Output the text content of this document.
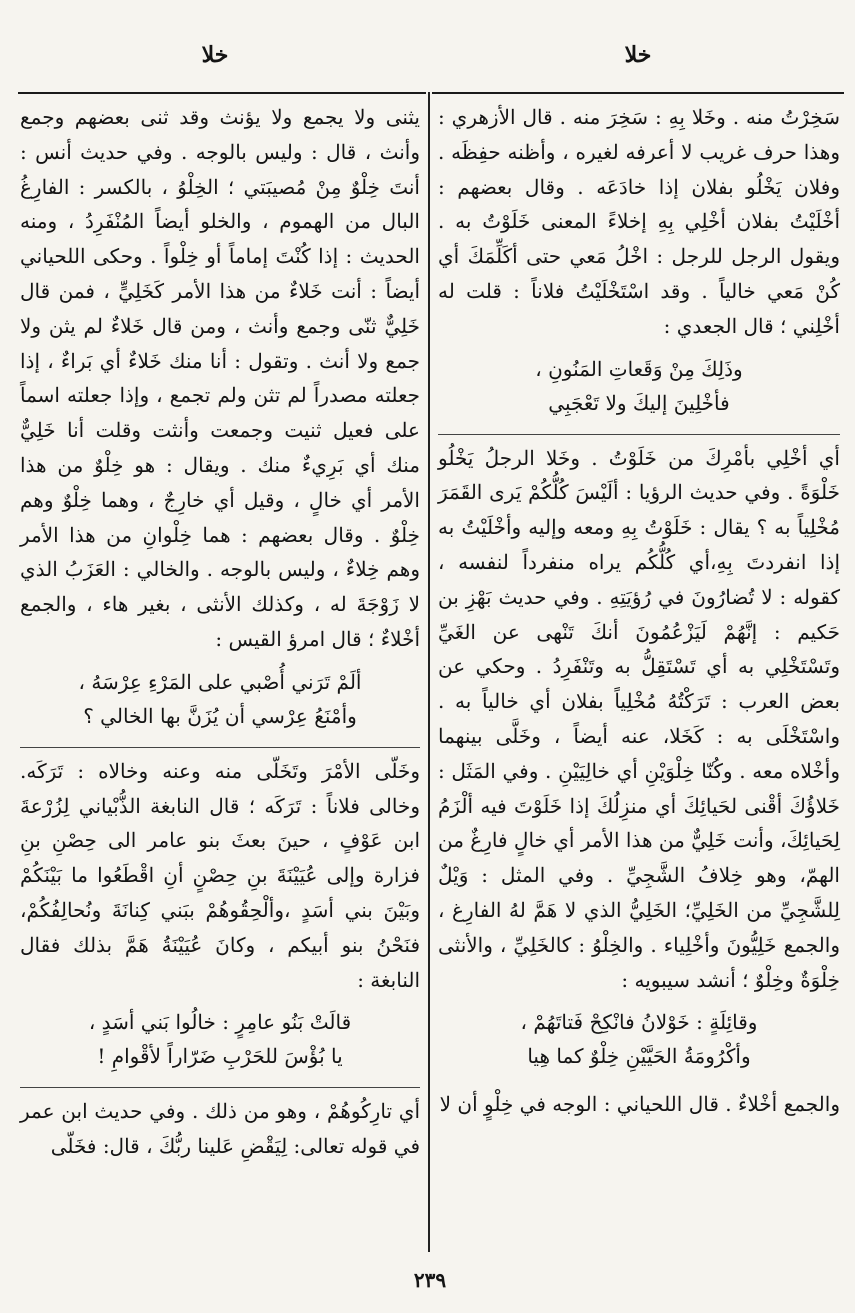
خلا
خلا

سَخِرْتُ منه . وخَلا بِهِ : سَخِرَ منه . قال الأزهري : وهذا حرف غريب لا أعرفه لغيره ، وأظنه حفِظَه . وفلان يَخْلُو بفلان إذا خادَعَه . وقال بعضهم : أخْلَيْتُ بفلان أخْلِي بِهِ إخلاءً المعنى خَلَوْتُ به . ويقول الرجل للرجل : اخْلُ مَعي حتى أكَلِّمَكَ أي كُنْ مَعي خالياً . وقد اسْتَخْلَيْتُ فلاناً : قلت له أخْلِني ؛ قال الجعدي :

وذَلِكَ مِنْ وَقَعاتِ المَنُونِ ،
فأخْلِينَ إليكَ ولا تَعْجَبِي

أي أخْلِي بأمْرِكَ من خَلَوْتُ . وخَلا الرجلُ يَخْلُو خَلْوَةً . وفي حديث الرؤيا : ألَيْسَ كُلُّكُمْ يَرى القَمَرَ مُخْلِياً به ؟ يقال : خَلَوْتُ بِهِ ومعه وإليه وأخْلَيْتُ به إذا انفردتَ بِهِ،أي كُلُّكُم يراه منفرداً لنفسه ، كقوله : لا تُضارُونَ في رُؤيَتِهِ . وفي حديث بَهْزِ بن حَكيم : إنَّهُمْ لَيَزْعُمُونَ أنكَ تَنْهى عن الغَيِّ وتَسْتَخْلِي به أي تَسْتَقِلُّ به وتَنْفَرِدُ . وحكي عن بعض العرب : تَرَكْتُهُ مُخْلِياً بفلان أي خالياً به . واسْتَخْلَى به : كَخَلا، عنه أيضاً ، وخَلَّى بينهما وأخْلاه معه . وكُنّا خِلْوَيْنِ أي خالِيَيْنِ . وفي المَثَل : خَلاؤُكَ أقْنى لحَيائِكَ أي منزِلُكَ إذا خَلَوْتَ فيه ألْزَمُ لِحَيائِكَ، وأنت خَلِيٌّ من هذا الأمر أي خالٍ فارِغٌ من الهمّ، وهو خِلافُ الشَّجِيِّ . وفي المثل : وَيْلٌ لِلشَّجِيِّ من الخَلِيِّ؛ الخَلِيُّ الذي لا هَمَّ لهُ الفارِغ ، والجمع خَلِيُّونَ وأخْلِياء . والخِلْوُ : كالخَلِيِّ ، والأنثى خِلْوَةٌ وخِلْوٌ ؛ أنشد سيبويه :

وقائِلَةٍ : خَوْلانُ فانْكِحْ فَتاتَهُمْ ،
وأكْرُومَةُ الحَيَّيْنِ خِلْوٌ كما هِيا

والجمع أخْلاءٌ . قال اللحياني : الوجه في خِلْوٍ أن لا

يثنى ولا يجمع ولا يؤنث وقد ثنى بعضهم وجمع وأنث ، قال : وليس بالوجه . وفي حديث أنس : أنتَ خِلْوٌ مِنْ مُصيبَتي ؛ الخِلْوُ ، بالكسر : الفارِغُ البال من الهموم ، والخلو أيضاً المُنْفَرِدُ ، ومنه الحديث : إذا كُنْتَ إماماً أو خِلْواً . وحكى اللحياني أيضاً : أنت خَلاءٌ من هذا الأمر كَخَلِيٍّ ، فمن قال خَلِيٌّ ثنّى وجمع وأنث ، ومن قال خَلاءٌ لم يثن ولا جمع ولا أنث . وتقول : أنا منك خَلاءٌ أي بَراءٌ ، إذا جعلته مصدراً لم تثن ولم تجمع ، وإذا جعلته اسماً على فعيل ثنيت وجمعت وأنثت وقلت أنا خَلِيٌّ منك أي بَرِيءٌ منك . ويقال : هو خِلْوٌ من هذا الأمر أي خالٍ ، وقيل أي خارِجٌ ، وهما خِلْوٌ وهم خِلْوٌ . وقال بعضهم : هما خِلْوانِ من هذا الأمر وهم خِلاءٌ ، وليس بالوجه . والخالي : العَزَبُ الذي لا زَوْجَةَ له ، وكذلك الأنثى ، بغير هاء ، والجمع أخْلاءٌ ؛ قال امرؤ القيس :

ألَمْ تَرَني أُصْبي على المَرْءِ عِرْسَهُ ،
وأمْنَعُ عِرْسي أن يُزَنَّ بها الخالي ؟

وخَلّى الأمْرَ وتَخَلّى منه وعنه وخالاه : تَرَكَه. وخالى فلاناً : تَرَكَه ؛ قال النابغة الذُّبْياني لِزُرْعةَ ابن عَوْفٍ ، حينَ بعثَ بنو عامر الى حِصْنِ بنِ فزارة وإلى عُيَيْنَةَ بنِ حِصْنٍ أنِ اقْطَعُوا ما بَيْنَكُمْ وبَيْنَ بني أسَدٍ ،وألْحِقُوهُمْ ببَني كِنانَةَ ونُحالِفُكُمْ، فنَحْنُ بنو أبيكم ، وكانَ عُيَيْنَةُ هَمَّ بذلك فقال النابغة :

قالَتْ بَنُو عامِرٍ : خالُوا بَني أسَدٍ ،
يا بُؤْسَ للحَرْبِ ضَرّاراً لأقْوامِ !

أي تارِكُوهُمْ ، وهو من ذلك . وفي حديث ابن عمر في قوله تعالى: لِيَقْضِ عَلينا ربُّكَ ، قال: فخَلّى

٢٣٩
